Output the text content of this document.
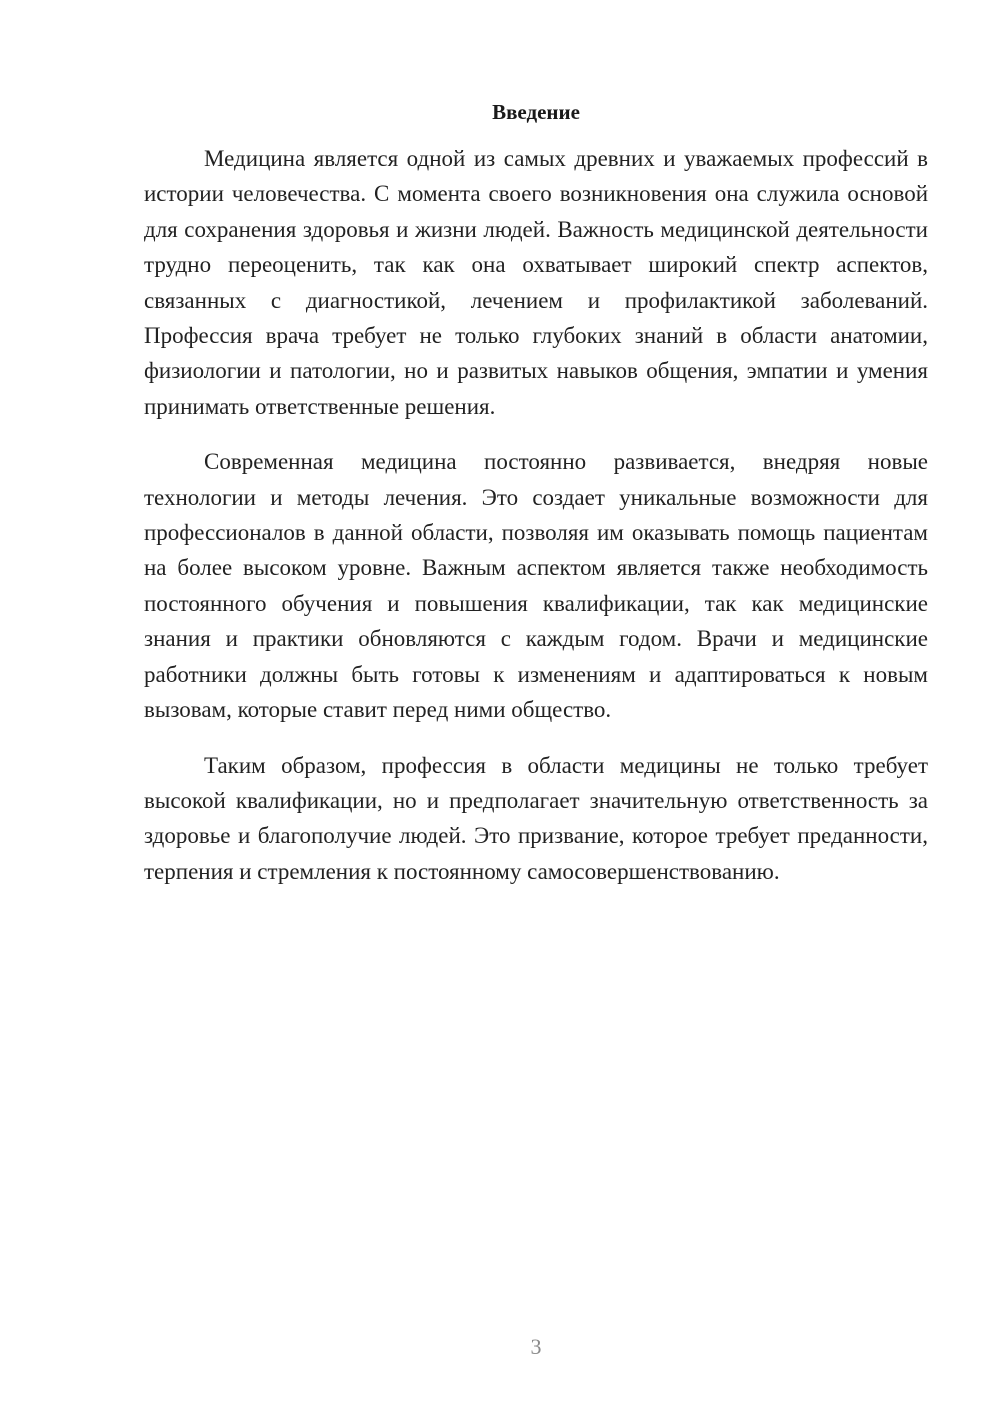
Введение

Медицина является одной из самых древних и уважаемых профессий в истории человечества. С момента своего возникновения она служила основой для сохранения здоровья и жизни людей. Важность медицинской деятельности трудно переоценить, так как она охватывает широкий спектр аспектов, связанных с диагностикой, лечением и профилактикой заболеваний. Профессия врача требует не только глубоких знаний в области анатомии, физиологии и патологии, но и развитых навыков общения, эмпатии и умения принимать ответственные решения.

Современная медицина постоянно развивается, внедряя новые технологии и методы лечения. Это создает уникальные возможности для профессионалов в данной области, позволяя им оказывать помощь пациентам на более высоком уровне. Важным аспектом является также необходимость постоянного обучения и повышения квалификации, так как медицинские знания и практики обновляются с каждым годом. Врачи и медицинские работники должны быть готовы к изменениям и адаптироваться к новым вызовам, которые ставит перед ними общество.

Таким образом, профессия в области медицины не только требует высокой квалификации, но и предполагает значительную ответственность за здоровье и благополучие людей. Это призвание, которое требует преданности, терпения и стремления к постоянному самосовершенствованию.

3
